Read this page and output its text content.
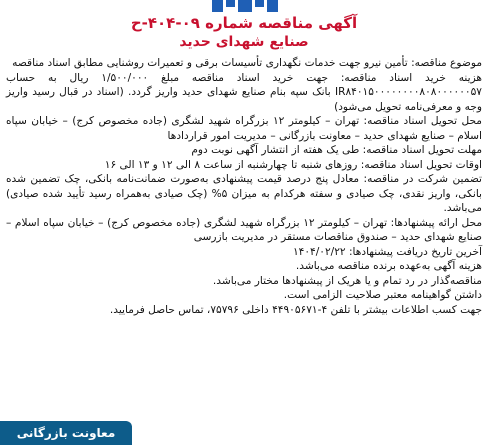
آگهی مناقصه شماره ۰۹-۴۰۴-ح

صنایع شهدای حدید

موضوع مناقصه: تأمین نیرو جهت خدمات نگهداری تأسیسات برقی و تعمیرات روشنایی مطابق اسناد مناقصه

هزینه خرید اسناد مناقصه: جهت خرید اسناد مناقصه مبلغ ۱/۵۰۰/۰۰۰ ریال به حساب IR۸۴۰۱۵۰۰۰۰۰۰۰۰۸۰۸۰۰۰۰۰۰۵۷ بانک سپه بنام صنایع شهدای حدید واریز گردد. (اسناد در قبال رسید واریز وجه و معرفی‌نامه تحویل می‌شود)

محل تحویل اسناد مناقصه: تهران – کیلومتر ۱۲ بزرگراه شهید لشگری (جاده مخصوص کرج) – خیابان سپاه اسلام – صنایع شهدای حدید – معاونت بازرگانی – مدیریت امور قراردادها

مهلت تحویل اسناد مناقصه: طی یک هفته از انتشار آگهی نوبت دوم

اوقات تحویل اسناد مناقصه: روزهای شنبه تا چهارشنبه از ساعت ۸ الی ۱۲ و ۱۳ الی ۱۶

تضمین شرکت در مناقصه: معادل پنج درصد قیمت پیشنهادی به‌صورت ضمانت‌نامه بانکی، چک تضمین شده بانکی، واریز نقدی، چک صیادی و سفته هرکدام به میزان ۵% (چک صیادی به‌همراه رسید تأیید شده صیادی) می‌باشد.

محل ارائه پیشنهادها: تهران – کیلومتر ۱۲ بزرگراه شهید لشگری (جاده مخصوص کرج) – خیابان سپاه اسلام – صنایع شهدای حدید – صندوق مناقصات مستقر در مدیریت بازرسی

آخرین تاریخ دریافت پیشنهادها: ۱۴۰۴/۰۲/۲۲

هزینه آگهی به‌عهده برنده مناقصه می‌باشد.

مناقصه‌گذار در رد تمام و یا هریک از پیشنهادها مختار می‌باشد.

داشتن گواهینامه معتبر صلاحیت الزامی است.

جهت کسب اطلاعات بیشتر با تلفن ۴-۴۴۹۰۵۶۷۱ داخلی ۷۵۷۹۶، تماس حاصل فرمایید.

معاونت بازرگانی
